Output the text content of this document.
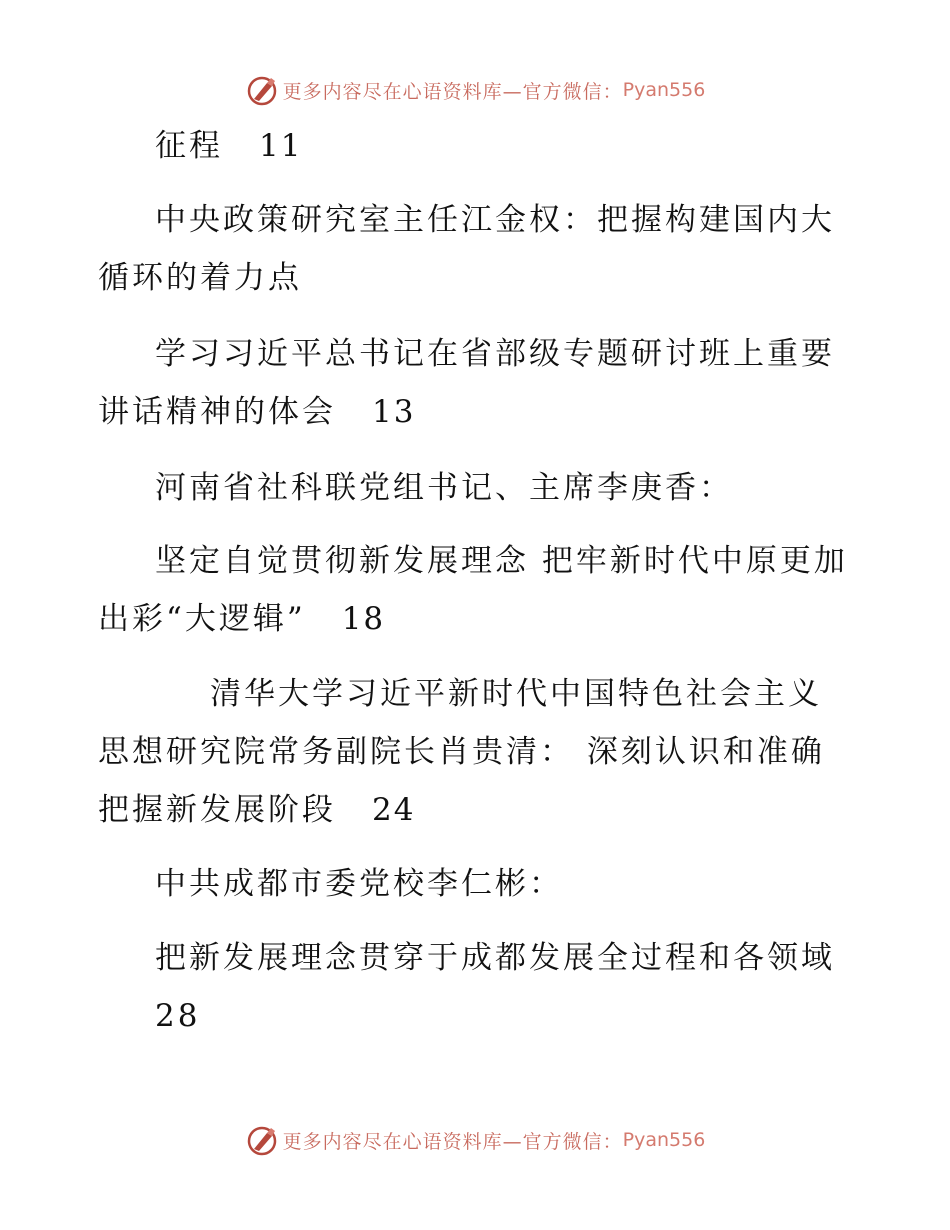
更多内容尽在心语资料库—官方微信： Pyan556
征程 11
中央政策研究室主任江金权：把握构建国内大
循环的着力点
学习习近平总书记在省部级专题研讨班上重要
讲话精神的体会 13
河南省社科联党组书记、主席李庚香：
坚定自觉贯彻新发展理念 把牢新时代中原更加
出彩“大逻辑” 18
清华大学习近平新时代中国特色社会主义
思想研究院常务副院长肖贵清： 深刻认识和准确
把握新发展阶段 24
中共成都市委党校李仁彬：
把新发展理念贯穿于成都发展全过程和各领域
28
更多内容尽在心语资料库—官方微信： Pyan556
